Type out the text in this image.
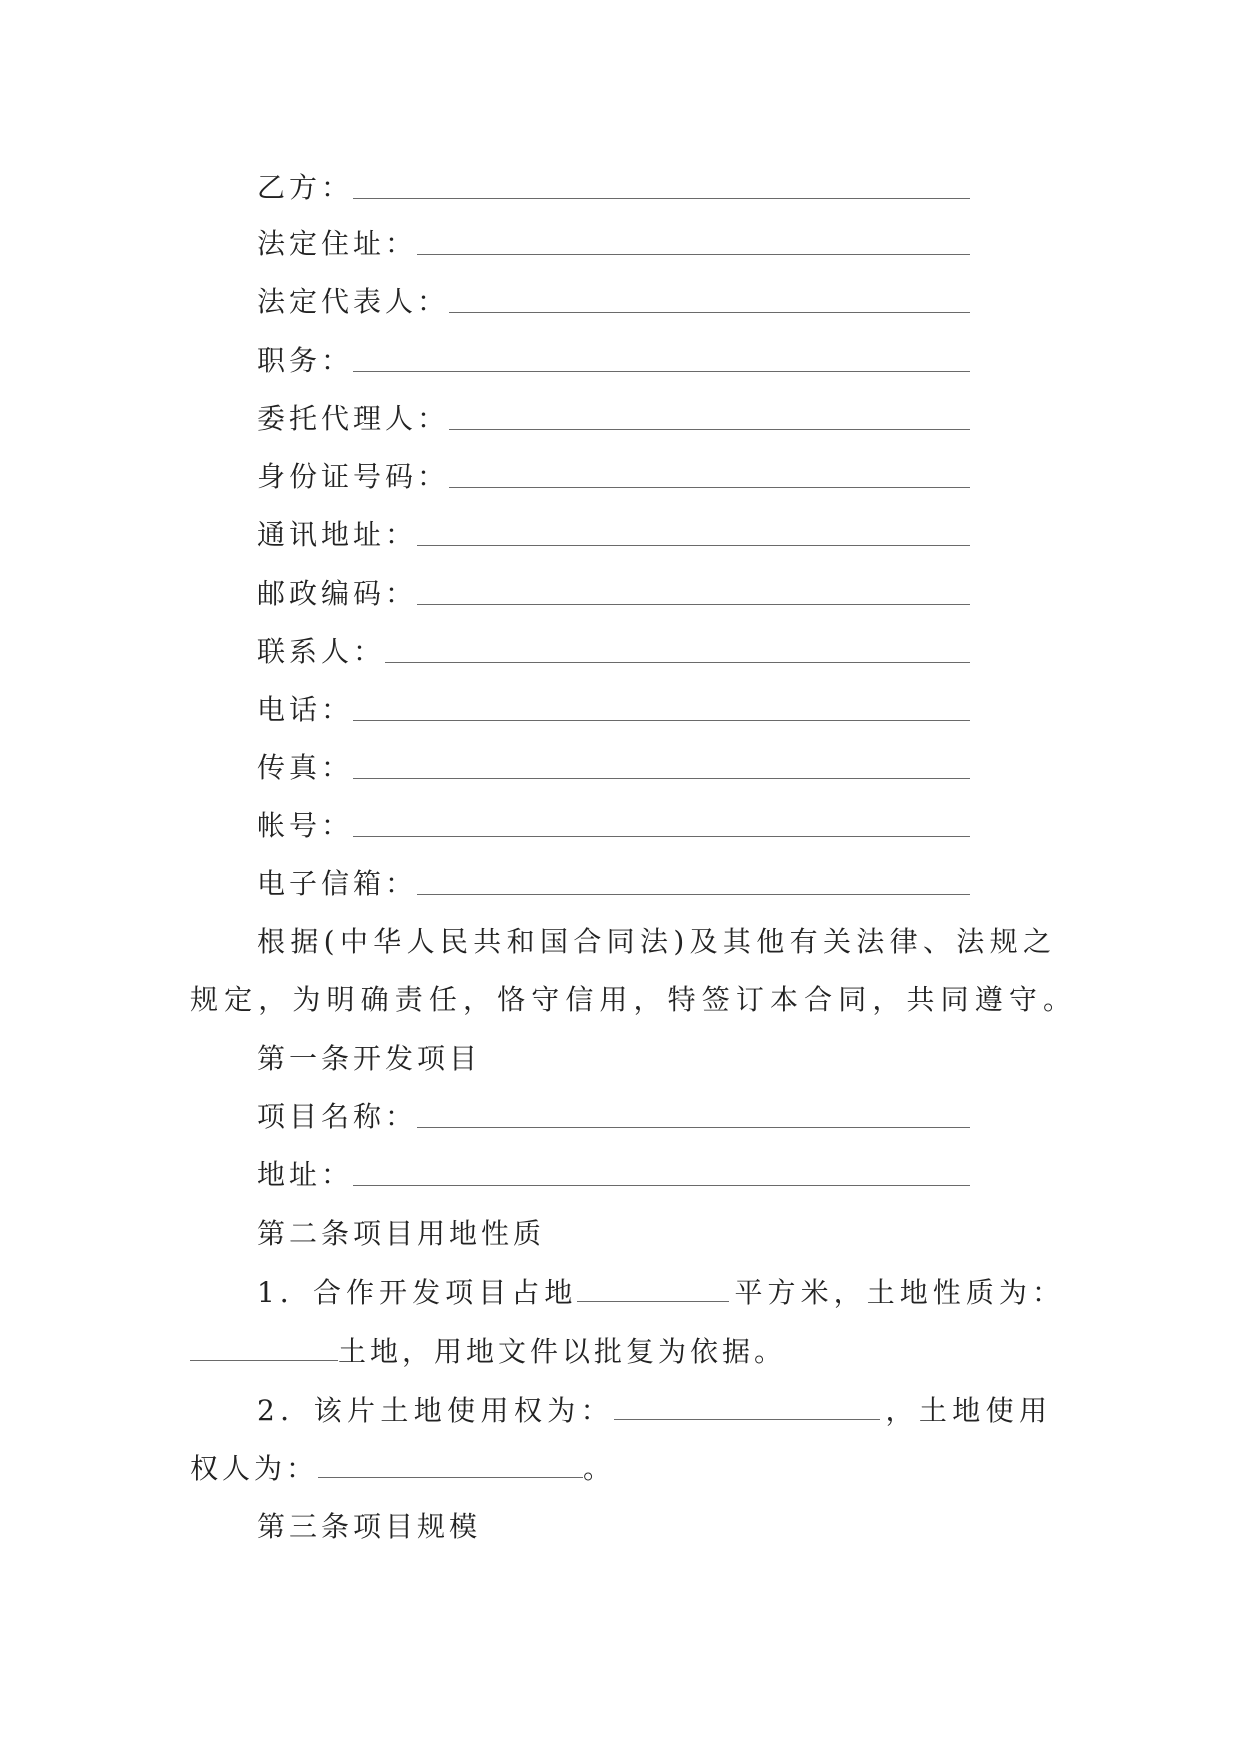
乙方：
法定住址：
法定代表人：
职务：
委托代理人：
身份证号码：
通讯地址：
邮政编码：
联系人：
电话：
传真：
帐号：
电子信箱：
根据(中华人民共和国合同法)及其他有关法律、法规之
规定，为明确责任，恪守信用，特签订本合同，共同遵守。
第一条开发项目
项目名称：
地址：
第二条项目用地性质
1．合作开发项目占地	平方米，土地性质为：
土地，用地文件以批复为依据。
2．该片土地使用权为：	，土地使用
权人为：	。
第三条项目规模
